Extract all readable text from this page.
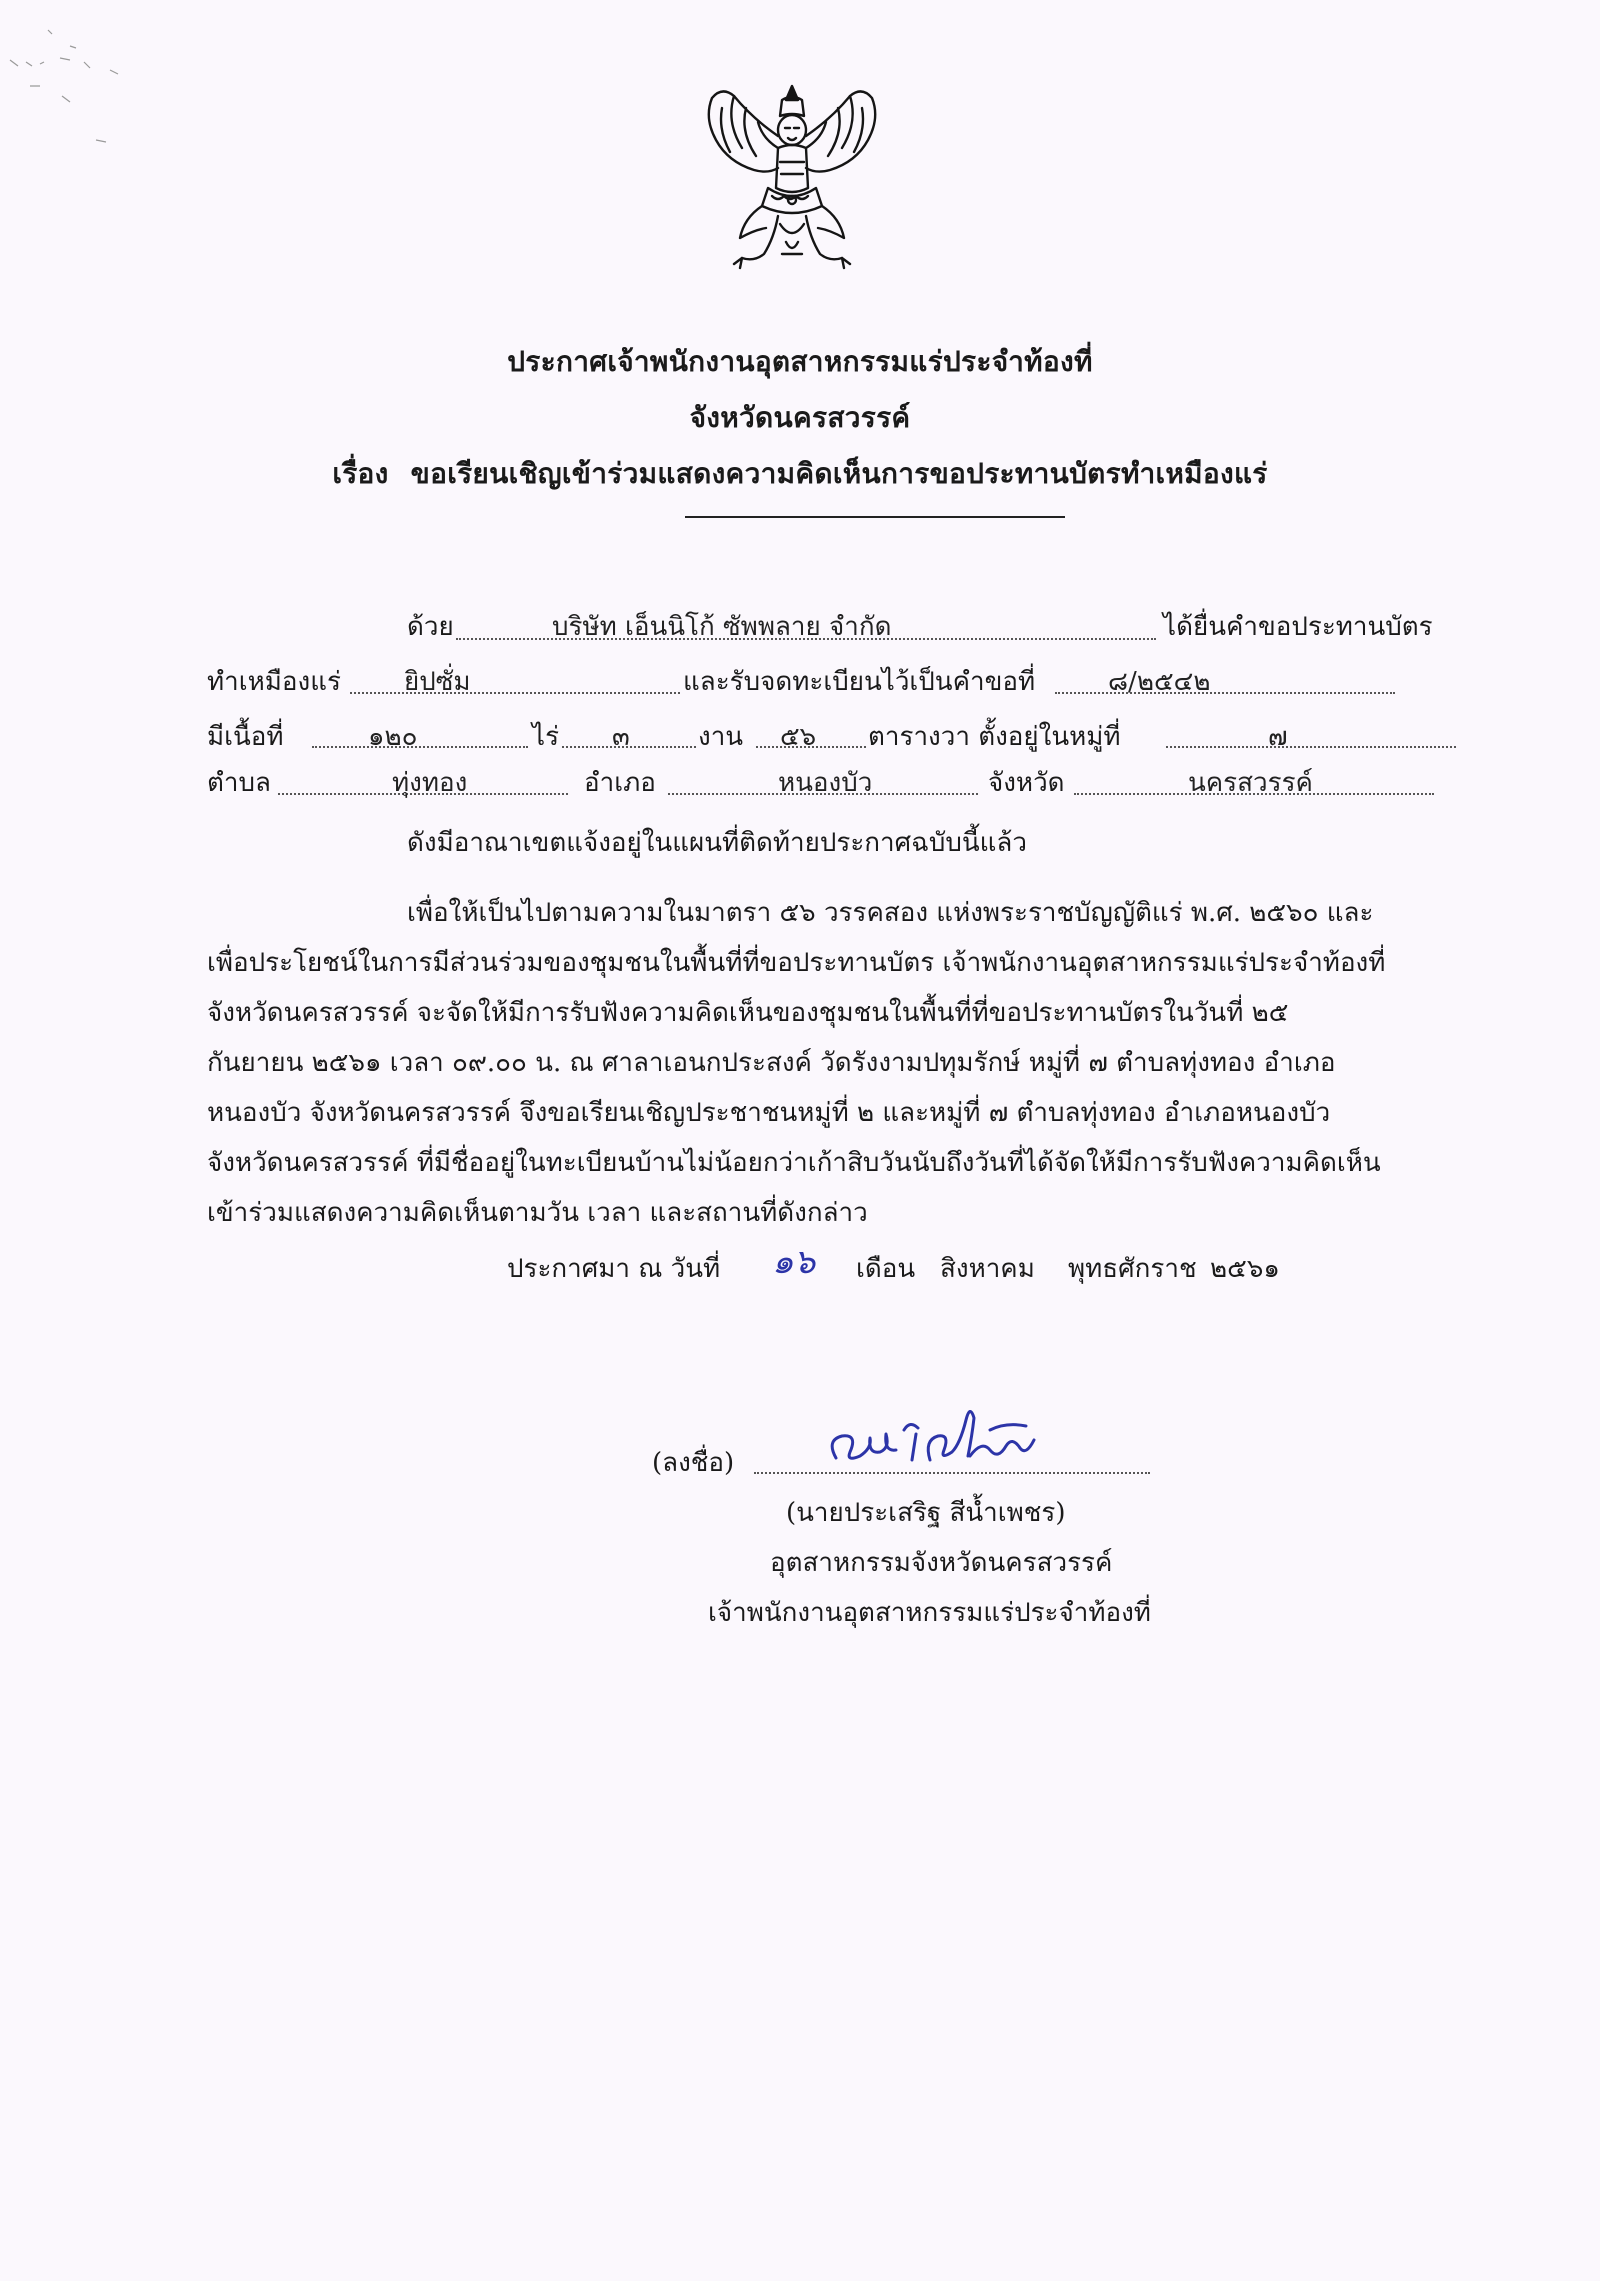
ประกาศเจ้าพนักงานอุตสาหกรรมแร่ประจำท้องที่
จังหวัดนครสวรรค์
เรื่อง ขอเรียนเชิญเข้าร่วมแสดงความคิดเห็นการขอประทานบัตรทำเหมืองแร่
ด้วย	บริษัท เอ็นนิโก้ ซัพพลาย จำกัด	ได้ยื่นคำขอประทานบัตร
ทำเหมืองแร่ ยิปซั่ม	และรับจดทะเบียนไว้เป็นคำขอที่	๘/๒๕๔๒
มีเนื้อที่	๑๒๐	ไร่ ๓	งาน ๕๖ ตารางวา ตั้งอยู่ในหมู่ที่	๗
ตำบล	ทุ่งทอง	อำเภอ	หนองบัว	จังหวัด	นครสวรรค์
ดังมีอาณาเขตแจ้งอยู่ในแผนที่ติดท้ายประกาศฉบับนี้แล้ว
เพื่อให้เป็นไปตามความในมาตรา ๕๖ วรรคสอง แห่งพระราชบัญญัติแร่ พ.ศ. ๒๕๖๐ และ
เพื่อประโยชน์ในการมีส่วนร่วมของชุมชนในพื้นที่ที่ขอประทานบัตร เจ้าพนักงานอุตสาหกรรมแร่ประจำท้องที่
จังหวัดนครสวรรค์ จะจัดให้มีการรับฟังความคิดเห็นของชุมชนในพื้นที่ที่ขอประทานบัตรในวันที่ ๒๕
กันยายน ๒๕๖๑ เวลา ๐๙.๐๐ น. ณ ศาลาเอนกประสงค์ วัดรังงามปทุมรักษ์ หมู่ที่ ๗ ตำบลทุ่งทอง อำเภอ
หนองบัว จังหวัดนครสวรรค์ จึงขอเรียนเชิญประชาชนหมู่ที่ ๒ และหมู่ที่ ๗ ตำบลทุ่งทอง อำเภอหนองบัว
จังหวัดนครสวรรค์ ที่มีชื่ออยู่ในทะเบียนบ้านไม่น้อยกว่าเก้าสิบวันนับถึงวันที่ได้จัดให้มีการรับฟังความคิดเห็น
เข้าร่วมแสดงความคิดเห็นตามวัน เวลา และสถานที่ดังกล่าว
ประกาศมา ณ วันที่ ๑๖ เดือน สิงหาคม พุทธศักราช ๒๕๖๑
(ลงชื่อ)
(นายประเสริฐ สีน้ำเพชร)
อุตสาหกรรมจังหวัดนครสวรรค์
เจ้าพนักงานอุตสาหกรรมแร่ประจำท้องที่
